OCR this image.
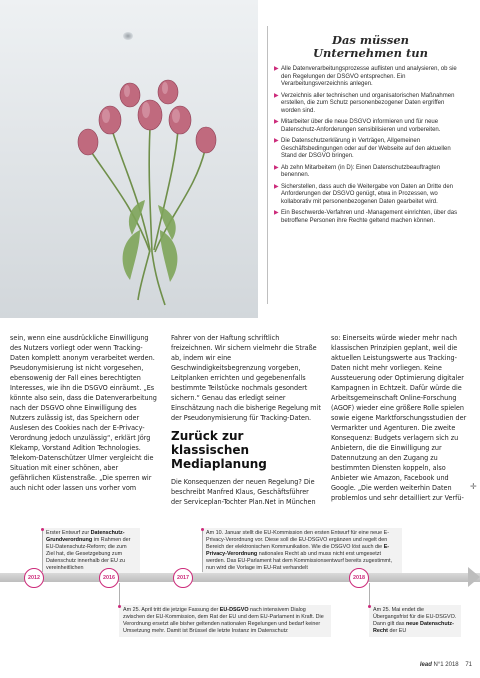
Das müssen
Unternehmen tun
▶ Alle Datenverarbeitungsprozesse auflisten und analysieren, ob sie den Regelungen der DSGVO entsprechen. Ein Verarbeitungsverzeichnis anlegen.
▶ Verzeichnis aller technischen und organisatorischen Maßnahmen erstellen, die zum Schutz personenbezogener Daten ergriffen worden sind.
▶ Mitarbeiter über die neue DSGVO informieren und für neue Datenschutz-Anforderungen sensibilisieren und vorbereiten.
▶ Die Datenschutzerklärung in Verträgen, Allgemeinen Geschäftsbedingungen oder auf der Webseite auf den aktuellen Stand der DSGVO bringen.
▶ Ab zehn Mitarbeitern (in D): Einen Datenschutzbeauftragten benennen.
▶ Sicherstellen, dass auch die Weitergabe von Daten an Dritte den Anforderungen der DSGVO genügt, etwa in Prozessen, wo kollaborativ mit personenbezogenen Daten gearbeitet wird.
▶ Ein Beschwerde-Verfahren und -Management einrichten, über das betroffene Personen ihre Rechte geltend machen können.

sein, wenn eine ausdrückliche Einwilligung des Nutzers vorliegt oder wenn Tracking-Daten komplett anonym verarbeitet werden. Pseudonymisierung ist nicht vorgesehen, ebensowenig der Fall eines berechtigten Interesses, wie ihn die DSGVO einräumt. „Es könnte also sein, dass die Datenverarbeitung nach der DSGVO ohne Einwilligung des Nutzers zulässig ist, das Speichern oder Auslesen des Cookies nach der E-Privacy-Verordnung jedoch unzulässig“, erklärt Jörg Klekamp, Vorstand Adition Technologies. Telekom-Datenschützer Ulmer vergleicht die Situation mit einer schönen, aber gefährlichen Küstenstraße. „Die sperren wir auch nicht oder lassen uns vorher vom

Fahrer von der Haftung schriftlich freizeichnen. Wir sichern vielmehr die Straße ab, indem wir eine Geschwindigkeitsbegrenzung vorgeben, Leitplanken errichten und gegebenenfalls bestimmte Teilstücke nochmals gesondert sichern.“ Genau das erledigt seiner Einschätzung nach die bisherige Regelung mit der Pseudonymisierung für Tracking-Daten.

Zurück zur klassischen Mediaplanung

Die Konsequenzen der neuen Regelung? Die beschreibt Manfred Klaus, Geschäftsführer der Serviceplan-Tochter Plan.Net in München

so: Einerseits würde wieder mehr nach klassischen Prinzipien geplant, weil die aktuellen Leistungswerte aus Tracking-Daten nicht mehr vorliegen. Keine Aussteuerung oder Optimierung digitaler Kampagnen in Echtzeit. Dafür würde die Arbeitsgemeinschaft Online-Forschung (AGOF) wieder eine größere Rolle spielen sowie eigene Marktforschungsstudien der Vermarkter und Agenturen. Die zweite Konsequenz: Budgets verlagern sich zu Anbietern, die die Einwilligung zur Datennutzung an den Zugang zu bestimmten Diensten koppeln, also Anbieter wie Amazon, Facebook und Google. „Die werden weiterhin Daten problemlos und sehr detailliert zur Verfü-

✛
Erster Entwurf zur Datenschutz-Grundverordnung im Rahmen der EU-Datenschutz-Reform; die zum Ziel hat, die Gesetzgebung zum Datenschutz innerhalb der EU zu vereinheitlichen
Am 10. Januar stellt die EU-Kommission den ersten Entwurf für eine neue E-Privacy-Verordnung vor. Diese soll die EU-DSGVO ergänzen und regelt den Bereich der elektronischen Kommunikation. Wie die DSGVO löst auch die E-Privacy-Verordnung nationales Recht ab und muss nicht erst umgesetzt werden. Das EU-Parlament hat dem Kommissionsentwurf bereits zugestimmt, nun wird die Vorlage im EU-Rat verhandelt
Am 25. April tritt die jetzige Fassung der EU-DSGVO nach intensivem Dialog zwischen der EU-Kommission, dem Rat der EU und dem EU-Parlament in Kraft. Die Verordnung ersetzt alle bisher geltenden nationalen Regelungen und bedarf keiner Umsetzung mehr. Damit ist Brüssel die letzte Instanz im Datenschutz
Am 25. Mai endet die Übergangsfrist für die EU-DSGVO. Dann gilt das neue Datenschutz-Recht der EU
2012	2016	2017	2018
lead N°1 2018 71
